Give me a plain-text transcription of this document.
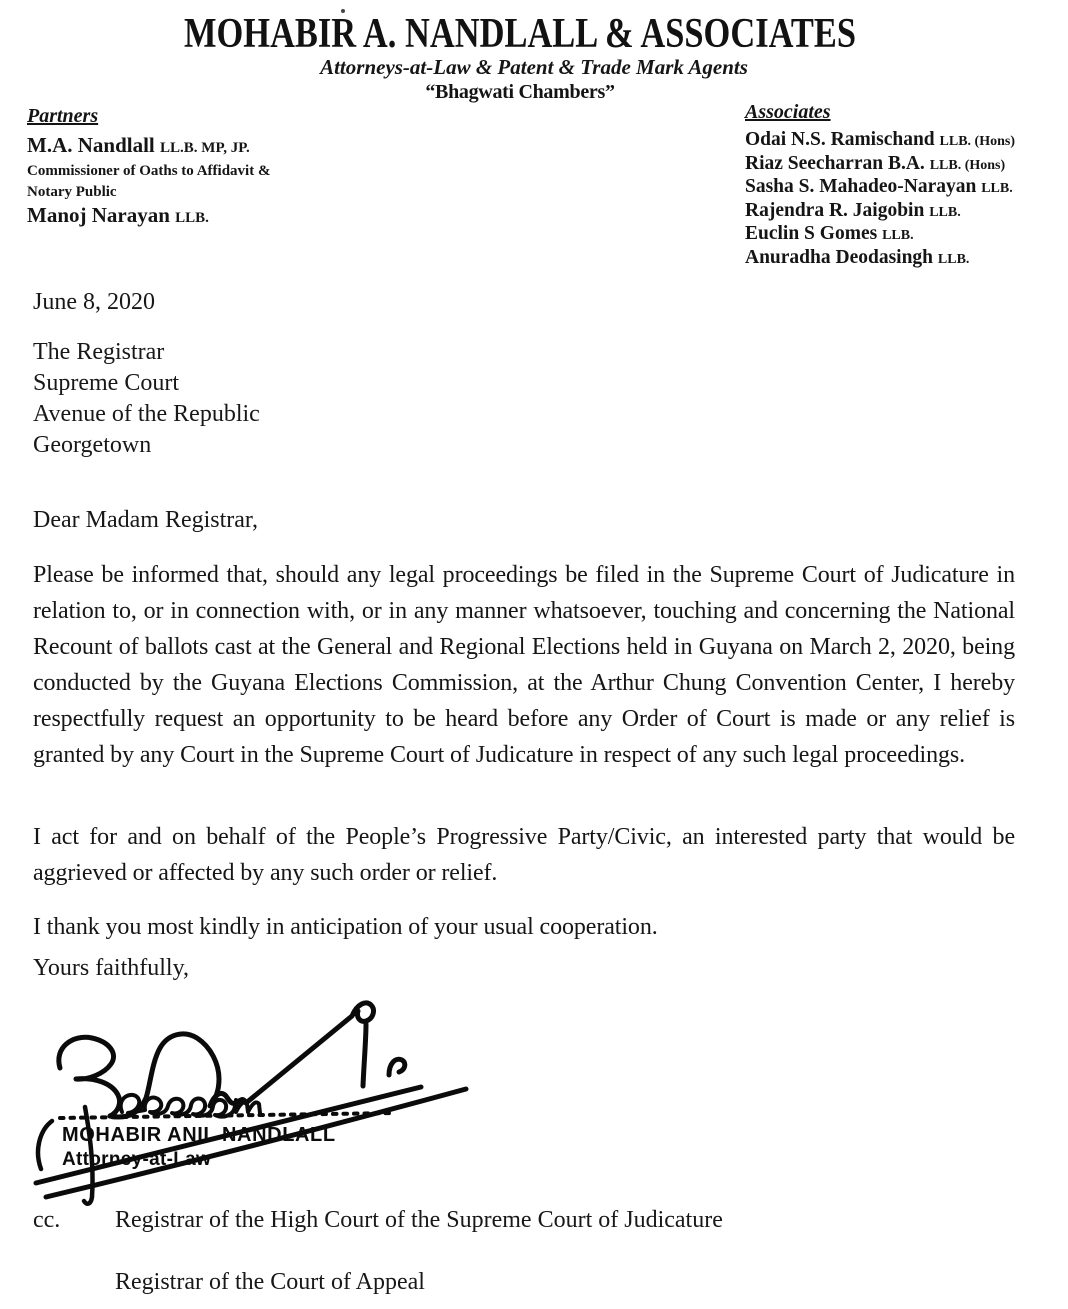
MOHABIR A. NANDLALL & ASSOCIATES
Attorneys-at-Law & Patent & Trade Mark Agents
“Bhagwati Chambers”
Partners
M.A. Nandlall LL.B. MP, JP.
Commissioner of Oaths to Affidavit &
Notary Public
Manoj Narayan LLB.
Associates
Odai N.S. Ramischand LLB. (Hons)
Riaz Seecharran B.A. LLB. (Hons)
Sasha S. Mahadeo-Narayan LLB.
Rajendra R. Jaigobin LLB.
Euclin S Gomes LLB.
Anuradha Deodasingh LLB.
June 8, 2020
The Registrar
Supreme Court
Avenue of the Republic
Georgetown
Dear Madam Registrar,
Please be informed that, should any legal proceedings be filed in the Supreme Court of Judicature in relation to, or in connection with, or in any manner whatsoever, touching and concerning the National Recount of ballots cast at the General and Regional Elections held in Guyana on March 2, 2020, being conducted by the Guyana Elections Commission, at the Arthur Chung Convention Center, I hereby respectfully request an opportunity to be heard before any Order of Court is made or any relief is granted by any Court in the Supreme Court of Judicature in respect of any such legal proceedings.
I act for and on behalf of the People’s Progressive Party/Civic, an interested party that would be aggrieved or affected by any such order or relief.
I thank you most kindly in anticipation of your usual cooperation.
Yours faithfully,
MOHABIR ANIL NANDLALL
Attorney-at-Law
cc.	Registrar of the High Court of the Supreme Court of Judicature
Registrar of the Court of Appeal
